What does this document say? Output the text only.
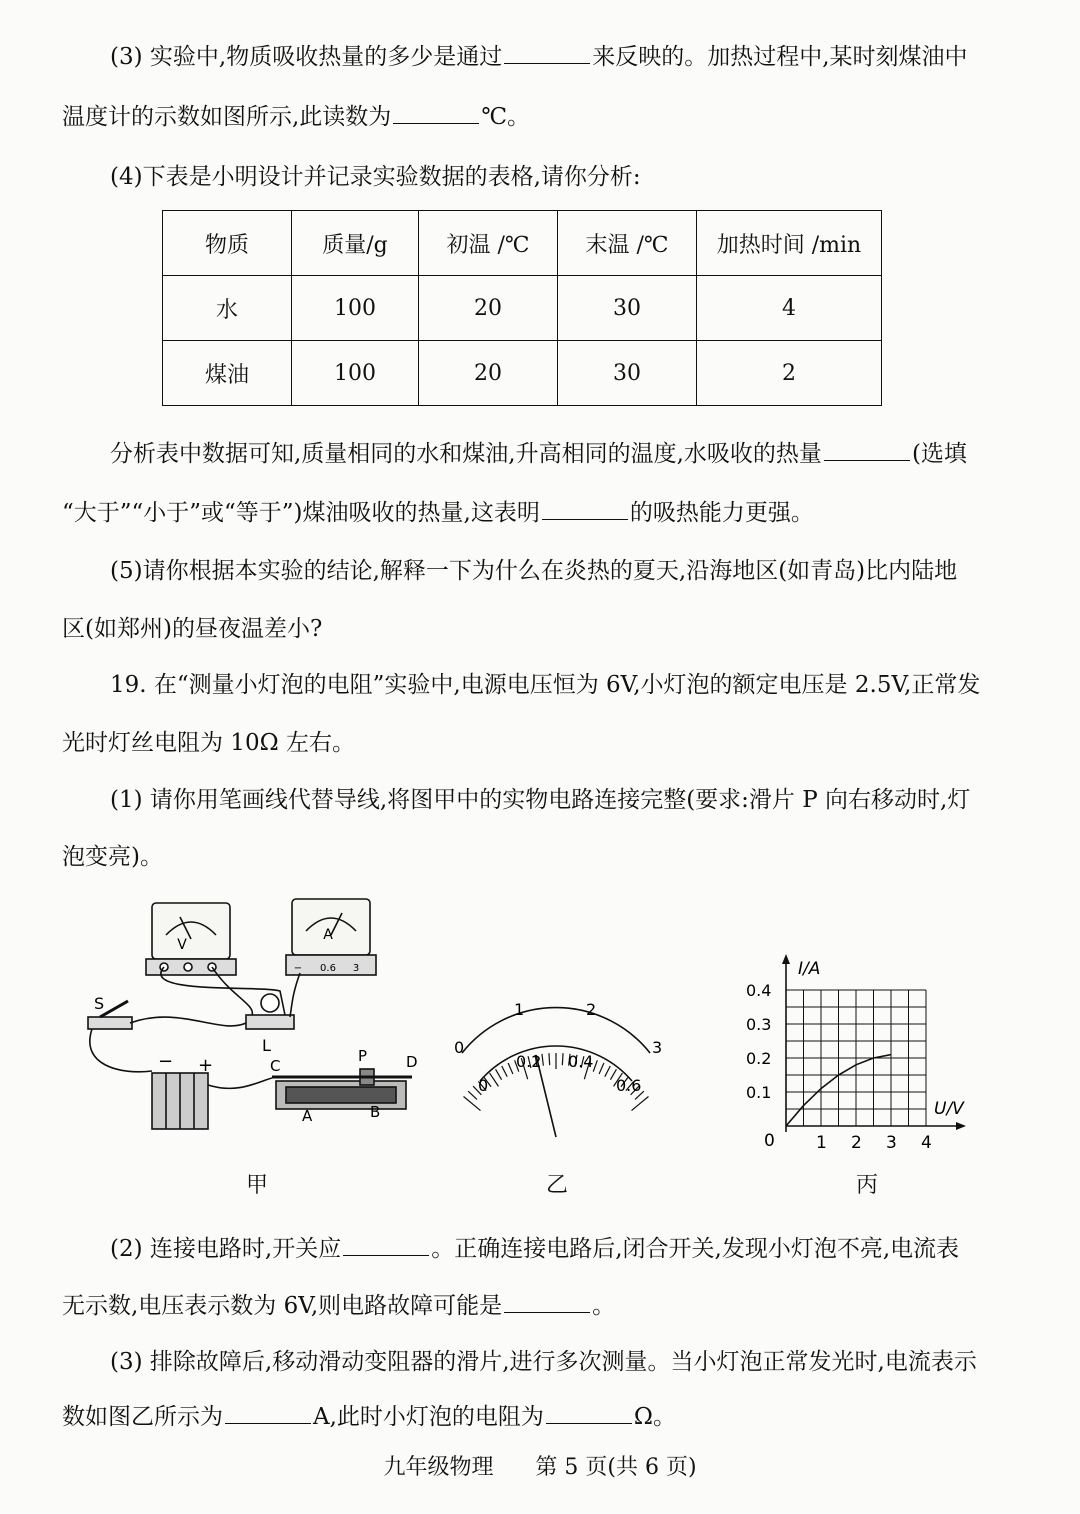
(3) 实验中,物质吸收热量的多少是通过	来反映的。加热过程中,某时刻煤油中
温度计的示数如图所示,此读数为	℃。
(4)下表是小明设计并记录实验数据的表格,请你分析:
物质	质量/g	初温 /℃	末温 /℃	加热时间 /min
水	100	20	30	4
煤油	100	20	30	2
分析表中数据可知,质量相同的水和煤油,升高相同的温度,水吸收的热量	(选填
“大于”“小于”或“等于”)煤油吸收的热量,这表明	的吸热能力更强。
(5)请你根据本实验的结论,解释一下为什么在炎热的夏天,沿海地区(如青岛)比内陆地
区(如郑州)的昼夜温差小?
19. 在“测量小灯泡的电阻”实验中,电源电压恒为 6V,小灯泡的额定电压是 2.5V,正常发
光时灯丝电阻为 10Ω 左右。
(1) 请你用笔画线代替导线,将图甲中的实物电路连接完整(要求:滑片 P 向右移动时,灯
泡变亮)。
V
A
− 0.6 3
S
L
− +	C
P	D
A	B
甲
0
1	2
3
0
0.2 0.4
0.6
乙
I/A
U/V
0 1 2 3 4
0.4
0.3
0.2
0.1
丙
(2) 连接电路时,开关应	。正确连接电路后,闭合开关,发现小灯泡不亮,电流表
无示数,电压表示数为 6V,则电路故障可能是	。
(3) 排除故障后,移动滑动变阻器的滑片,进行多次测量。当小灯泡正常发光时,电流表示
数如图乙所示为	A,此时小灯泡的电阻为	Ω。
九年级物理 第 5 页(共 6 页)
